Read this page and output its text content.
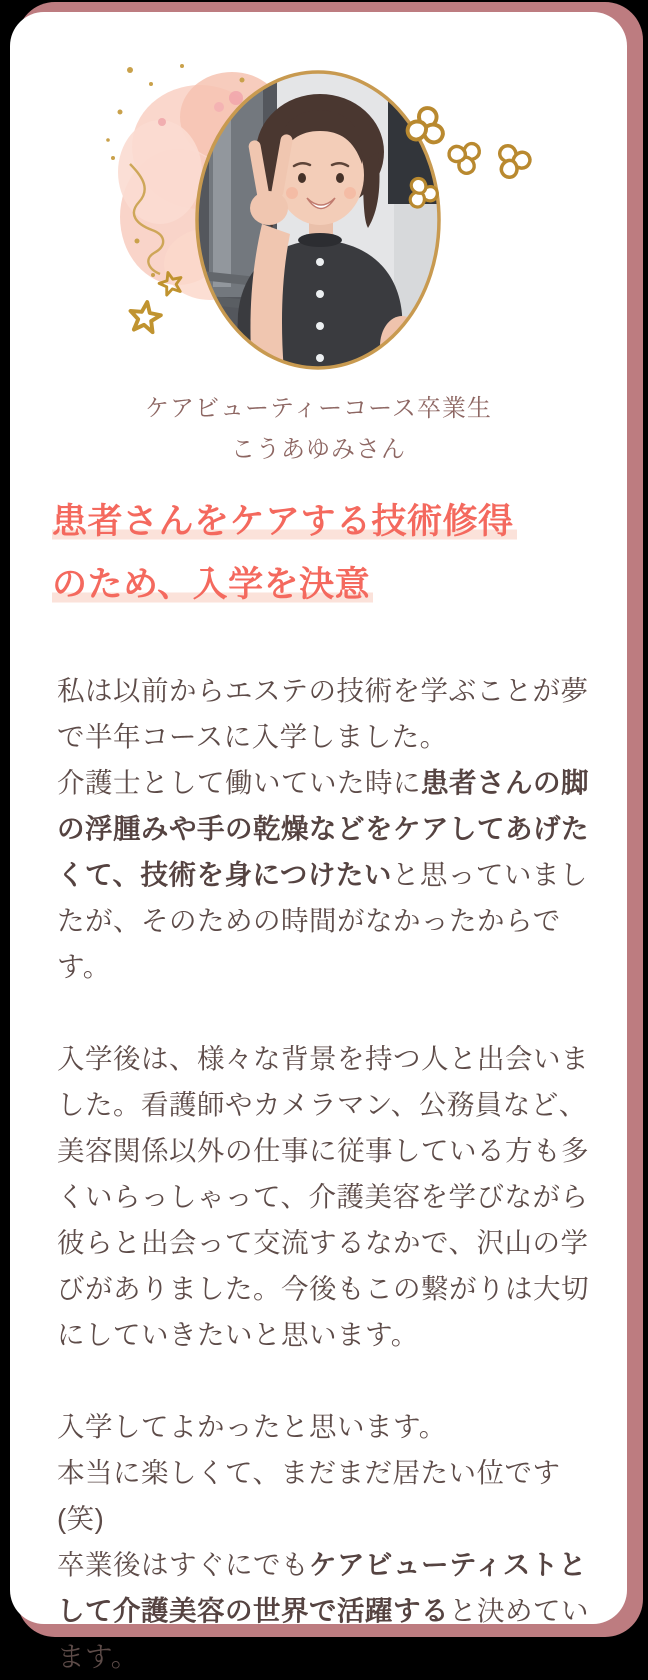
ケアビューティーコース卒業生
こうあゆみさん
患者さんをケアする技術修得
のため、入学を決意

私は以前からエステの技術を学ぶことが夢で半年コースに入学しました。
介護士として働いていた時に患者さんの脚の浮腫みや手の乾燥などをケアしてあげたくて、技術を身につけたいと思っていましたが、そのための時間がなかったからです。

入学後は、様々な背景を持つ人と出会いました。看護師やカメラマン、公務員など、美容関係以外の仕事に従事している方も多くいらっしゃって、介護美容を学びながら彼らと出会って交流するなかで、沢山の学びがありました。今後もこの繋がりは大切にしていきたいと思います。

入学してよかったと思います。
本当に楽しくて、まだまだ居たい位です(笑)
卒業後はすぐにでもケアビューティストとして介護美容の世界で活躍すると決めています。
